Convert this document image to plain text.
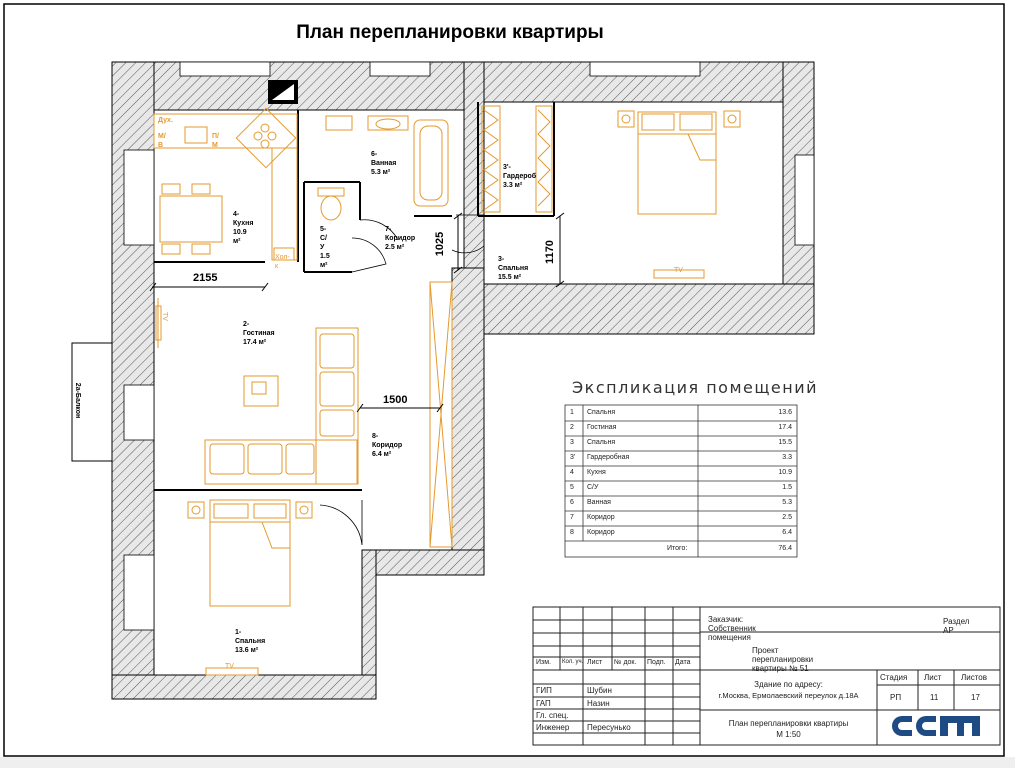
План перепланировки квартиры
4-Кухня
10.9 м²
6-Ванная
5.3 м²
5-С/У
1.5 м²
7-Коридор
2.5 м²
3'-Гардероб
3.3 м²
3-Спальня
15.5 м²
2-Гостиная
17.4 м²
8-Коридор
6.4 м²
1-Спальня
13.6 м²
2а-Балкон
Дух.
М/В
П/М
Хол-к
TV
TV
TV
2155
1500
1025	1170
Экспликация помещений
1 Спальня	13.6
2 Гостиная	17.4
3 Спальня	15.5
3' Гардеробная	3.3
4 Кухня	10.9
5 С/У	1.5
6 Ванная	5.3
7 Коридор	2.5
8 Коридор	6.4
Итого:	76.4
Заказчик: Собственник помещения
Раздел АР
Проект перепланировки квартиры № 51
Изм. Кол. уч. Лист № док. Подп. Дата
ГИП	Шубин
ГАП	Назин
Гл. спец.
Инженер Пересунько
Здание по адресу:
г.Москва, Ермолаевский переулок д.18А
Стадия Лист Листов
РП	11	17
План перепланировки квартиры
М 1:50
